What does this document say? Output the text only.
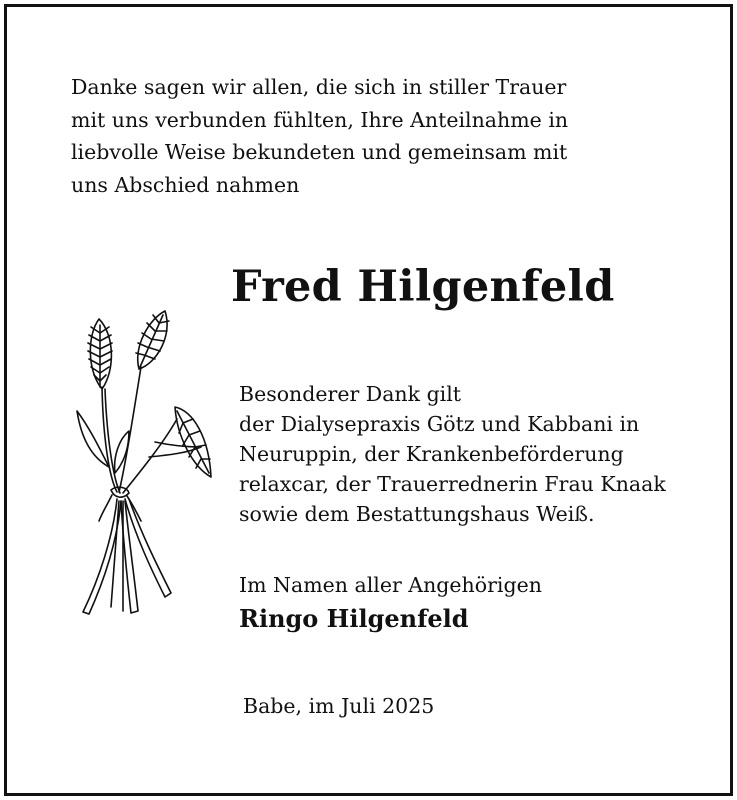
Danke sagen wir allen, die sich in stiller Trauer
mit uns verbunden fühlten, Ihre Anteilnahme in
liebvolle Weise bekundeten und gemeinsam mit
uns Abschied nahmen
Fred Hilgenfeld
Besonderer Dank gilt
der Dialysepraxis Götz und Kabbani in
Neuruppin, der Krankenbeförderung
relaxcar, der Trauerrednerin Frau Knaak
sowie dem Bestattungshaus Weiß.
Im Namen aller Angehörigen
Ringo Hilgenfeld
Babe, im Juli 2025
